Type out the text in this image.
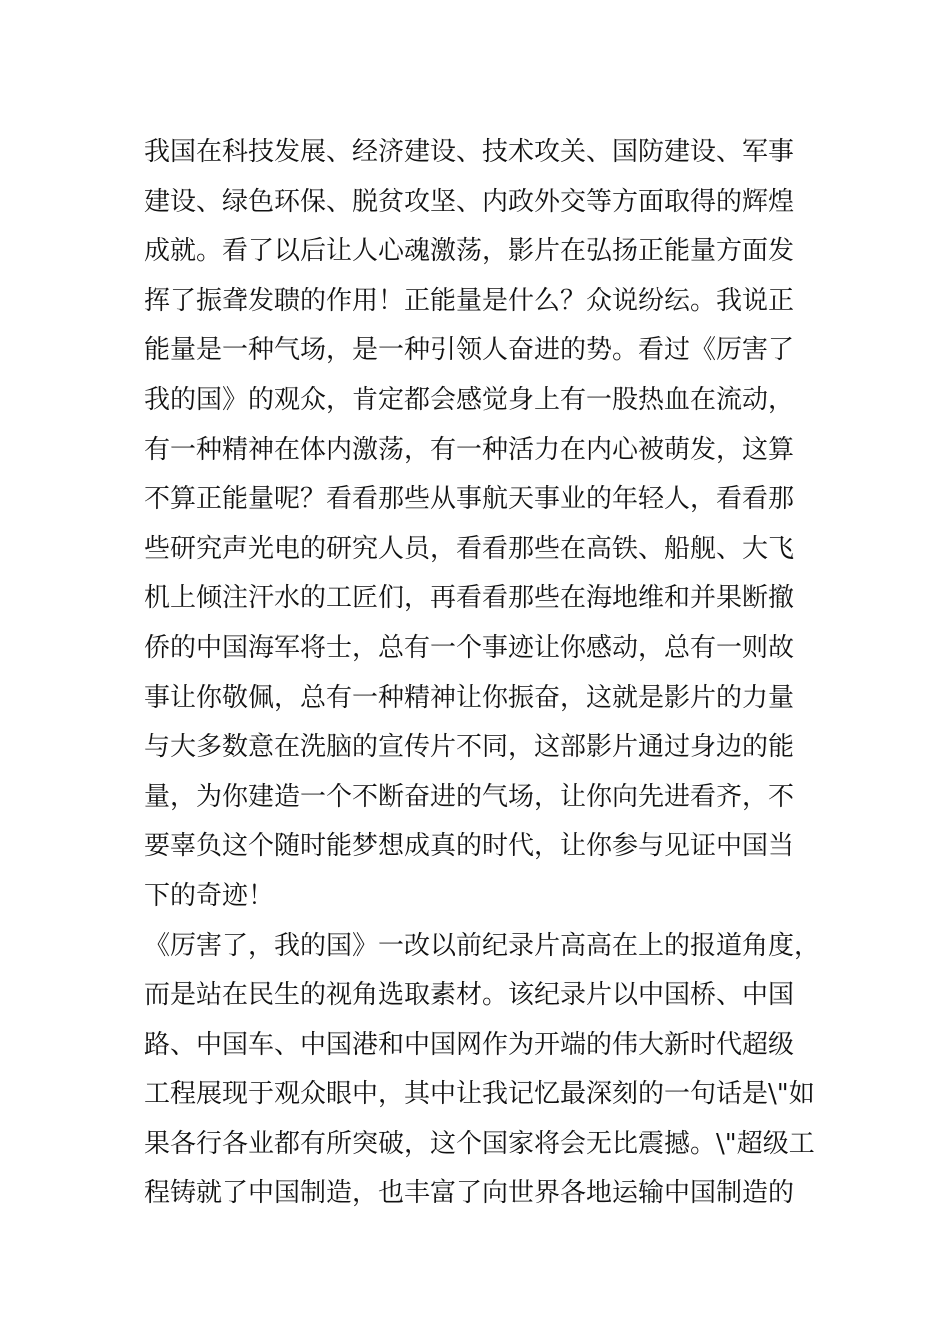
我国在科技发展、经济建设、技术攻关、国防建设、军事
建设、绿色环保、脱贫攻坚、内政外交等方面取得的辉煌
成就。看了以后让人心魂激荡，影片在弘扬正能量方面发
挥了振聋发聩的作用！正能量是什么？众说纷纭。我说正
能量是一种气场，是一种引领人奋进的势。看过《厉害了
我的国》的观众，肯定都会感觉身上有一股热血在流动，
有一种精神在体内激荡，有一种活力在内心被萌发，这算
不算正能量呢？看看那些从事航天事业的年轻人，看看那
些研究声光电的研究人员，看看那些在高铁、船舰、大飞
机上倾注汗水的工匠们，再看看那些在海地维和并果断撤
侨的中国海军将士，总有一个事迹让你感动，总有一则故
事让你敬佩，总有一种精神让你振奋，这就是影片的力量
与大多数意在洗脑的宣传片不同，这部影片通过身边的能
量，为你建造一个不断奋进的气场，让你向先进看齐，不
要辜负这个随时能梦想成真的时代，让你参与见证中国当
下的奇迹！
《厉害了，我的国》一改以前纪录片高高在上的报道角度，
而是站在民生的视角选取素材。该纪录片以中国桥、中国
路、中国车、中国港和中国网作为开端的伟大新时代超级
工程展现于观众眼中，其中让我记忆最深刻的一句话是\"如
果各行各业都有所突破，这个国家将会无比震撼。\"超级工
程铸就了中国制造，也丰富了向世界各地运输中国制造的
